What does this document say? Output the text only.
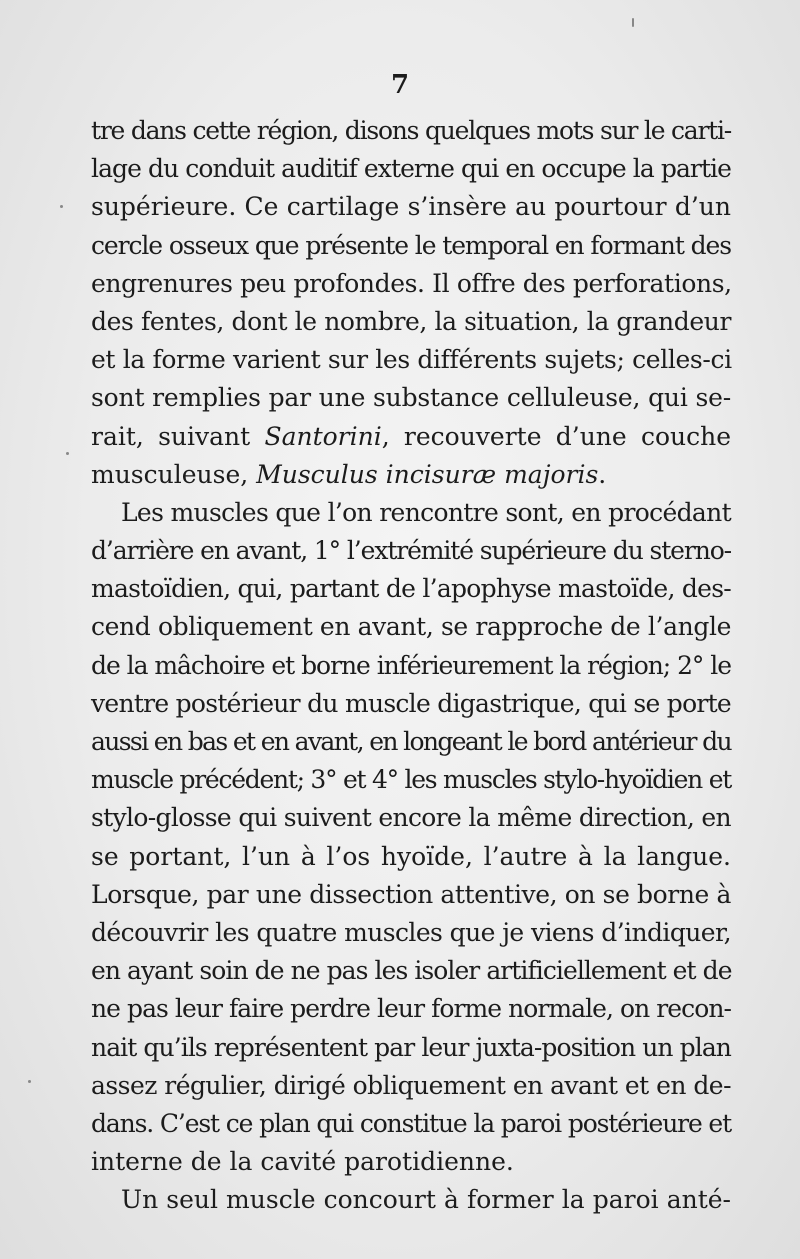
7
tre dans cette région, disons quelques mots sur le carti-
lage du conduit auditif externe qui en occupe la partie
supérieure. Ce cartilage s’insère au pourtour d’un
cercle osseux que présente le temporal en formant des
engrenures peu profondes. Il offre des perforations,
des fentes, dont le nombre, la situation, la grandeur
et la forme varient sur les différents sujets; celles-ci
sont remplies par une substance celluleuse, qui se-
rait, suivant Santorini, recouverte d’une couche
musculeuse, Musculus incisuræ majoris.
Les muscles que l’on rencontre sont, en procédant
d’arrière en avant, 1° l’extrémité supérieure du sterno-
mastoïdien, qui, partant de l’apophyse mastoïde, des-
cend obliquement en avant, se rapproche de l’angle
de la mâchoire et borne inférieurement la région; 2° le
ventre postérieur du muscle digastrique, qui se porte
aussi en bas et en avant, en longeant le bord antérieur du
muscle précédent; 3° et 4° les muscles stylo-hyoïdien et
stylo-glosse qui suivent encore la même direction, en
se portant, l’un à l’os hyoïde, l’autre à la langue.
Lorsque, par une dissection attentive, on se borne à
découvrir les quatre muscles que je viens d’indiquer,
en ayant soin de ne pas les isoler artificiellement et de
ne pas leur faire perdre leur forme normale, on recon-
nait qu’ils représentent par leur juxta-position un plan
assez régulier, dirigé obliquement en avant et en de-
dans. C’est ce plan qui constitue la paroi postérieure et
interne de la cavité parotidienne.
Un seul muscle concourt à former la paroi anté-
